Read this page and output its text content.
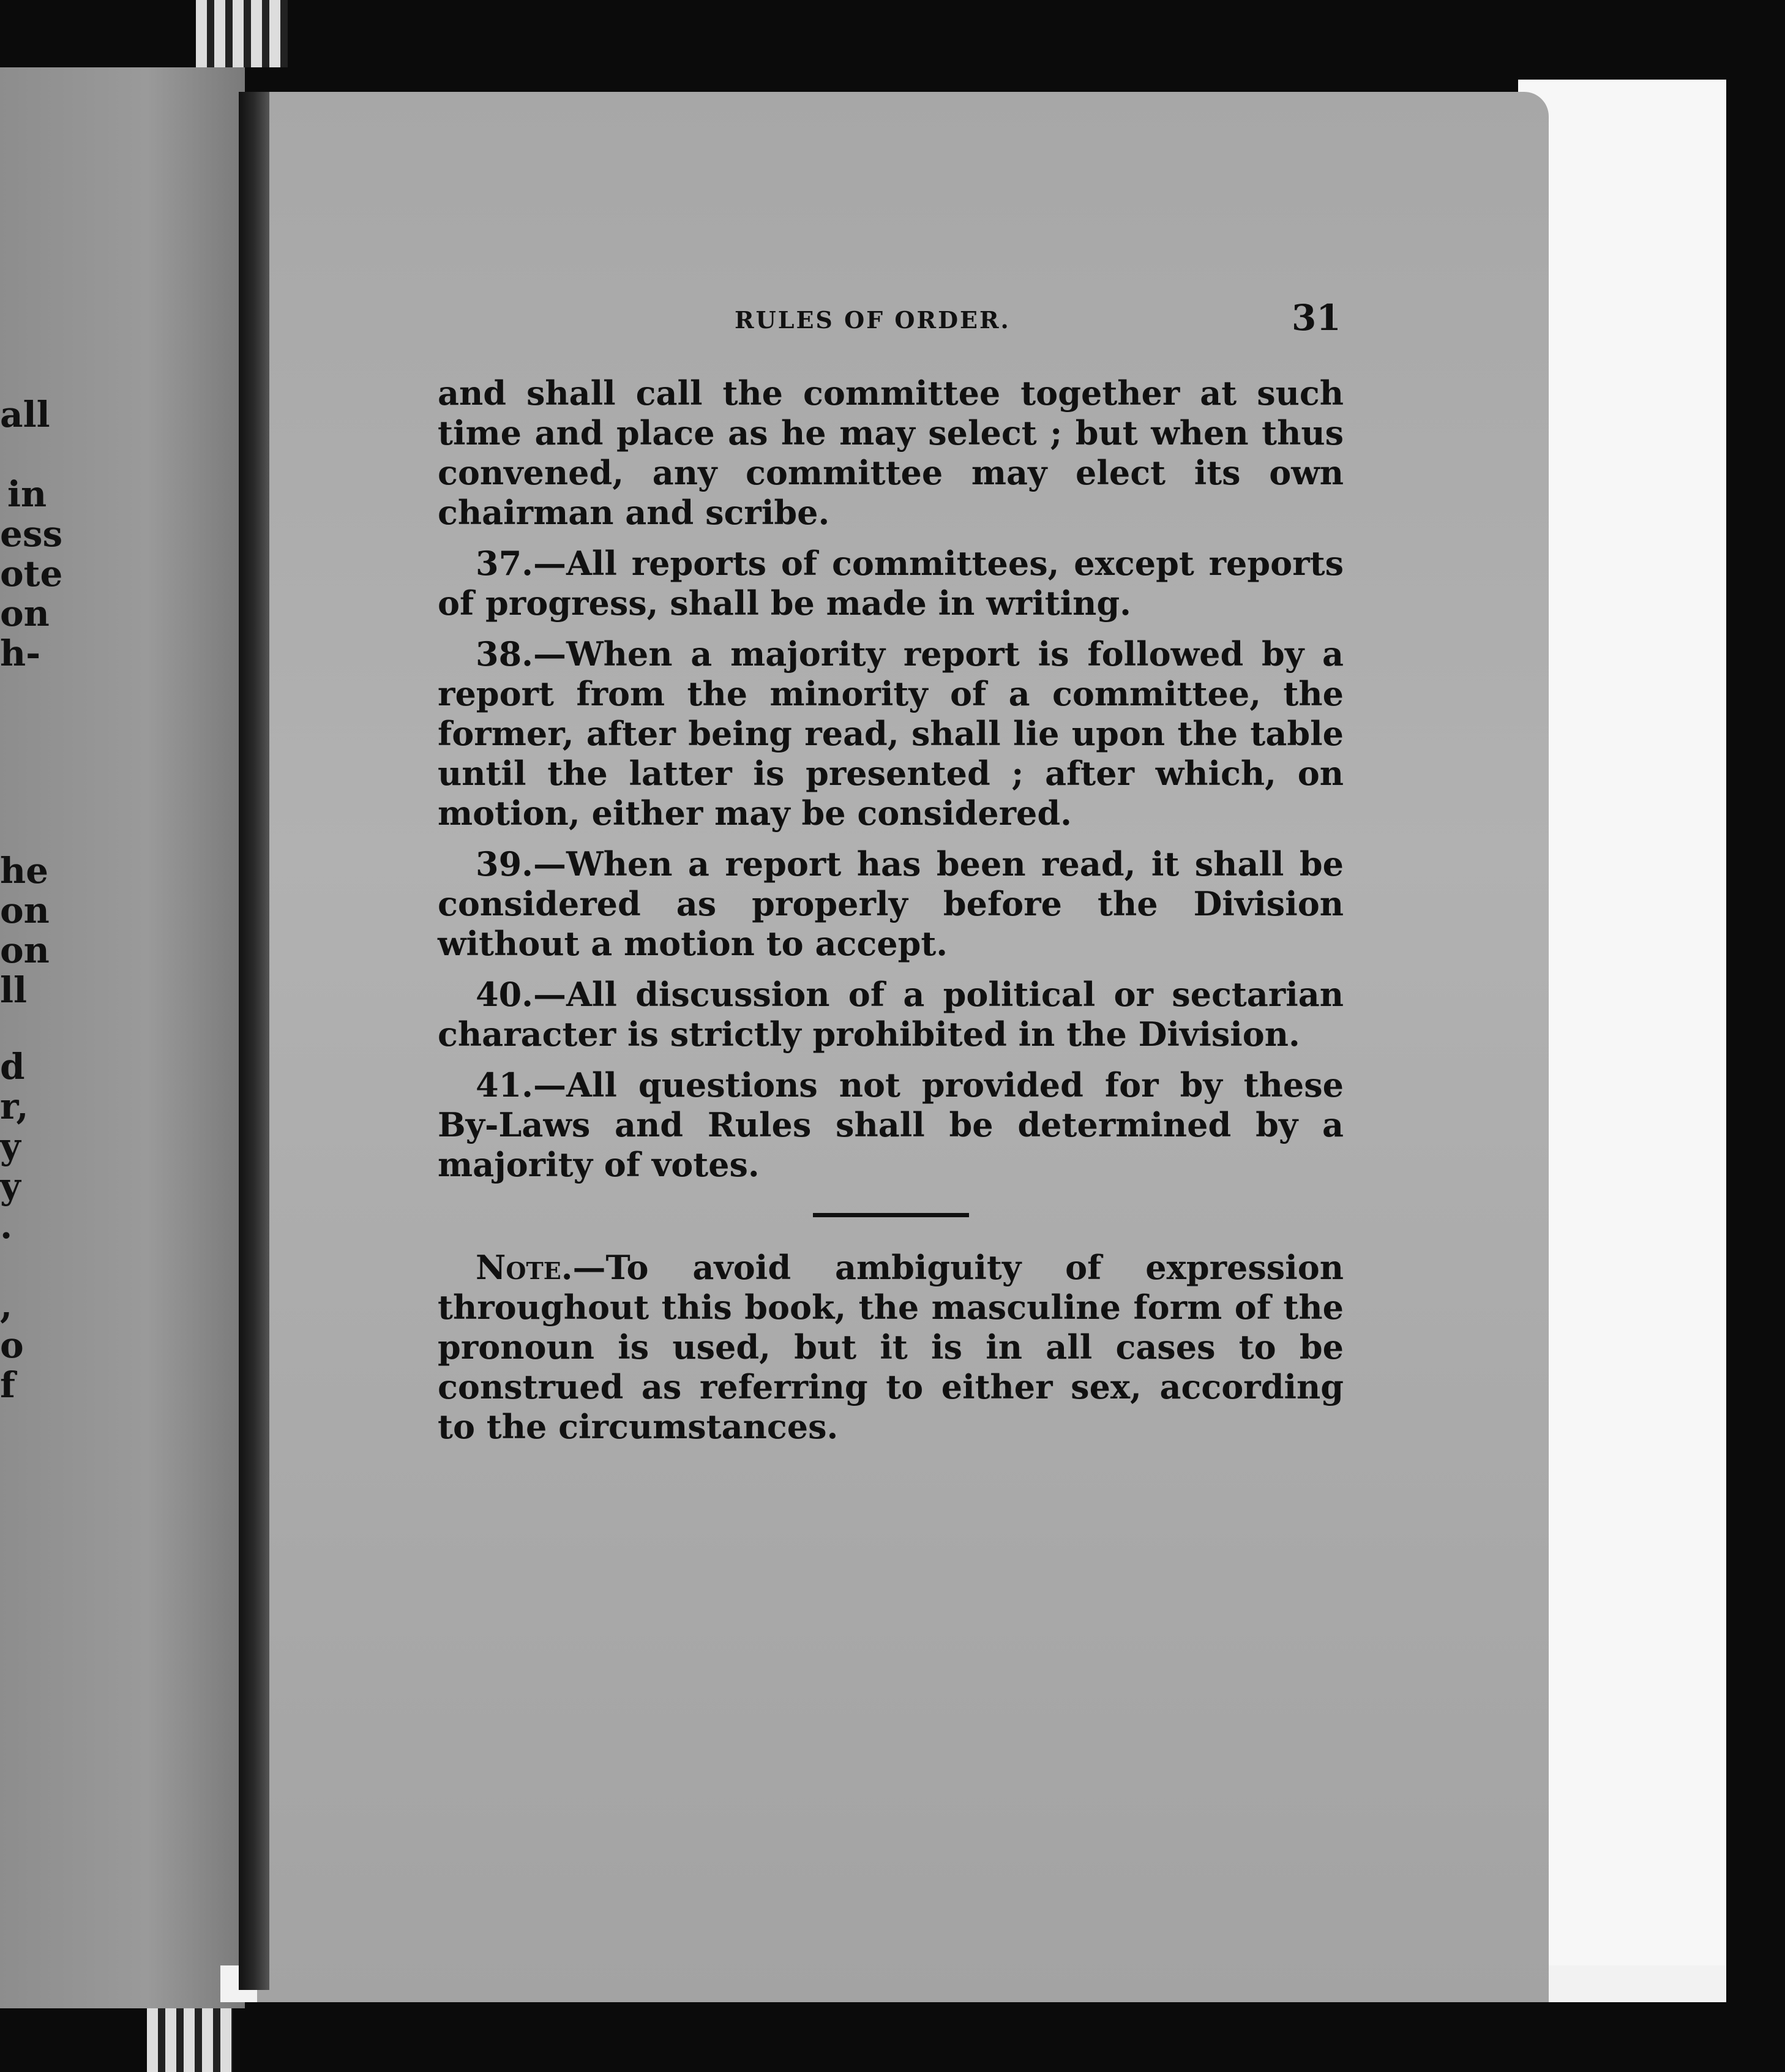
all
in
ess
ote
on
h-
he
on
on
ll
d
r,
y
y
.
,
o
f
RULES OF ORDER.	31

and shall call the committee together at such time and place as he may select ; but when thus convened, any committee may elect its own chairman and scribe.

37.—All reports of committees, except reports of progress, shall be made in writing.

38.—When a majority report is followed by a report from the minority of a committee, the former, after being read, shall lie upon the table until the latter is presented ; after which, on motion, either may be considered.

39.—When a report has been read, it shall be considered as properly before the Division without a motion to accept.

40.—All discussion of a political or sectarian character is strictly prohibited in the Division.

41.—All questions not provided for by these By-Laws and Rules shall be determined by a majority of votes.

Note.—To avoid ambiguity of expression throughout this book, the masculine form of the pronoun is used, but it is in all cases to be construed as referring to either sex, according to the circumstances.
